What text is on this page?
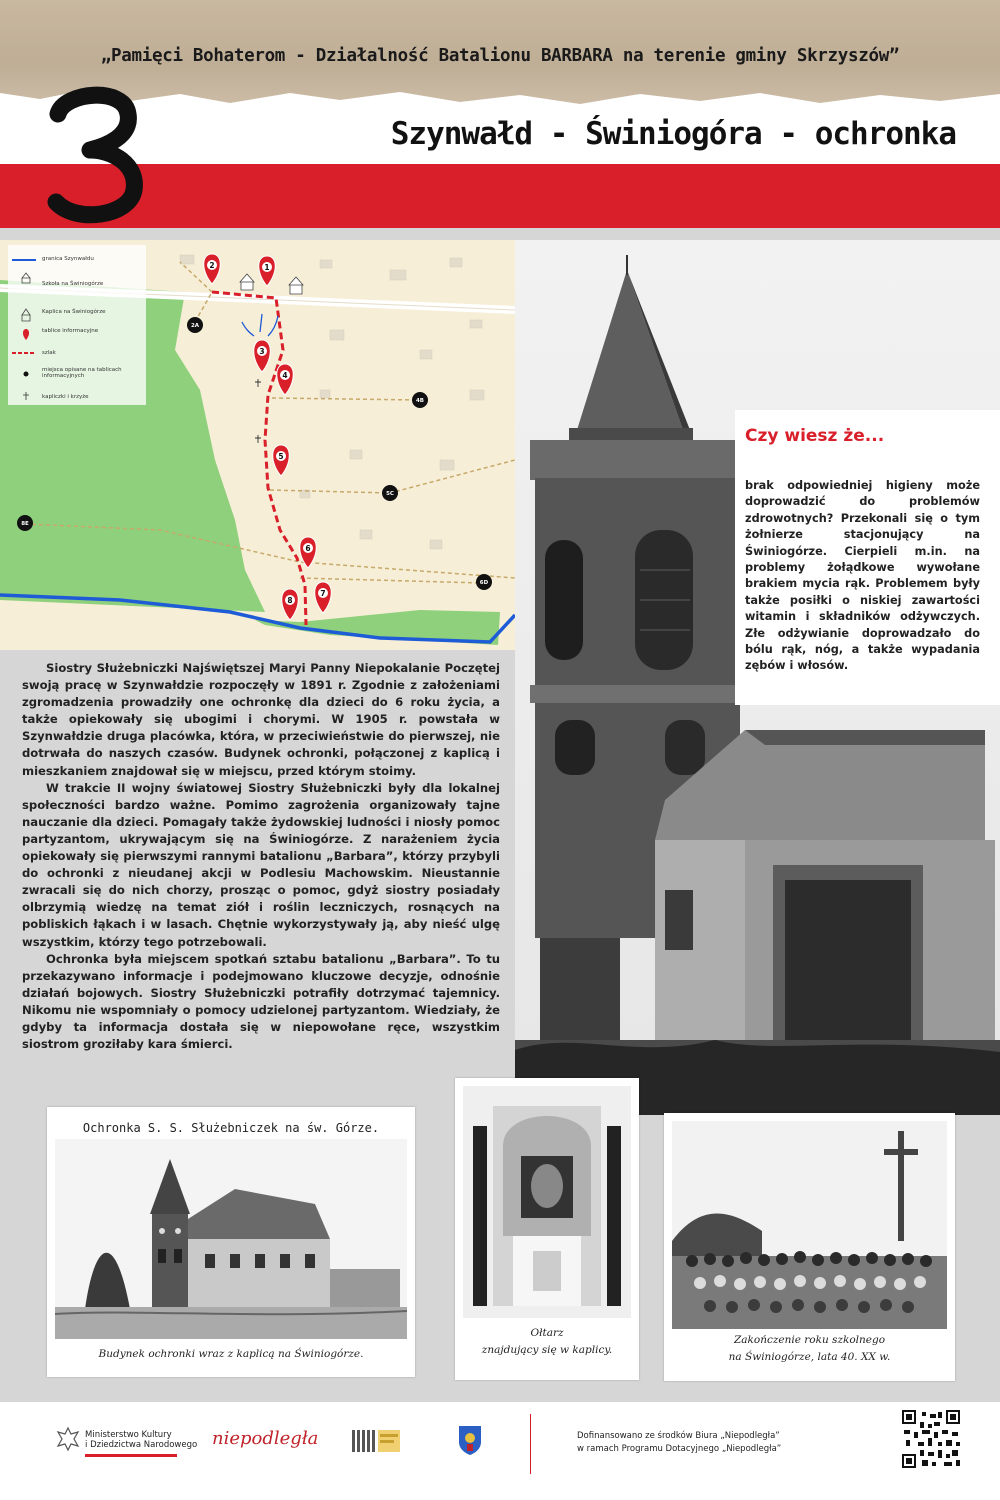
„Pamięci Bohaterom - Działalność Batalionu BARBARA na terenie gminy Skrzyszów”
Szynwałd - Świniogóra - ochronka
1
2
3
4
5
6
7
8
2A
4B
5C
6D
8E
granica Szynwałdu
Szkoła na Świniogórze
Kaplica na Świniogórze
tablice informacyjne
szlak
miejsca opisane na tablicach informacyjnych
kapliczki i krzyże
Czy wiesz że...
brak odpowiedniej higieny może doprowadzić do problemów zdrowotnych? Przekonali się o tym żołnierze stacjonujący na Świniogórze. Cierpieli m.in. na problemy żołądkowe wywołane brakiem mycia rąk. Problemem były także posiłki o niskiej zawartości witamin i składników odżywczych. Złe odżywianie doprowadzało do bólu rąk, nóg, a także wypadania zębów i włosów.

Siostry Służebniczki Najświętszej Maryi Panny Niepokalanie Poczętej swoją pracę w Szynwałdzie rozpoczęły w 1891 r. Zgodnie z założeniami zgromadzenia prowadziły one ochronkę dla dzieci do 6 roku życia, a także opiekowały się ubogimi i chorymi. W 1905 r. powstała w Szynwałdzie druga placówka, która, w przeciwieństwie do pierwszej, nie dotrwała do naszych czasów. Budynek ochronki, połączonej z kaplicą i mieszkaniem znajdował się w miejscu, przed którym stoimy.

W trakcie II wojny światowej Siostry Służebniczki były dla lokalnej społeczności bardzo ważne. Pomimo zagrożenia organizowały tajne nauczanie dla dzieci. Pomagały także żydowskiej ludności i niosły pomoc partyzantom, ukrywającym się na Świniogórze. Z narażeniem życia opiekowały się pierwszymi rannymi batalionu „Barbara”, którzy przybyli do ochronki z nieudanej akcji w Podlesiu Machowskim. Nieustannie zwracali się do nich chorzy, prosząc o pomoc, gdyż siostry posiadały olbrzymią wiedzę na temat ziół i roślin leczniczych, rosnących na pobliskich łąkach i w lasach. Chętnie wykorzystywały ją, aby nieść ulgę wszystkim, którzy tego potrzebowali.

Ochronka była miejscem spotkań sztabu batalionu „Barbara”. To tu przekazywano informacje i podejmowano kluczowe decyzje, odnośnie działań bojowych. Siostry Służebniczki potrafiły dotrzymać tajemnicy. Nikomu nie wspomniały o pomocy udzielonej partyzantom. Wiedziały, że gdyby ta informacja dostała się w niepowołane ręce, wszystkim siostrom groziłaby kara śmierci.

Ochronka S. S. Służebniczek na św. Górze.
Budynek ochronki wraz z kaplicą na Świniogórze.
Ołtarz
znajdujący się w kaplicy.
Zakończenie roku szkolnego
na Świniogórze, lata 40. XX w.
Ministerstwo Kultury
i Dziedzictwa Narodowego niepodległa	Dofinansowano ze środków Biura „Niepodległa”
w ramach Programu Dotacyjnego „Niepodległa”
